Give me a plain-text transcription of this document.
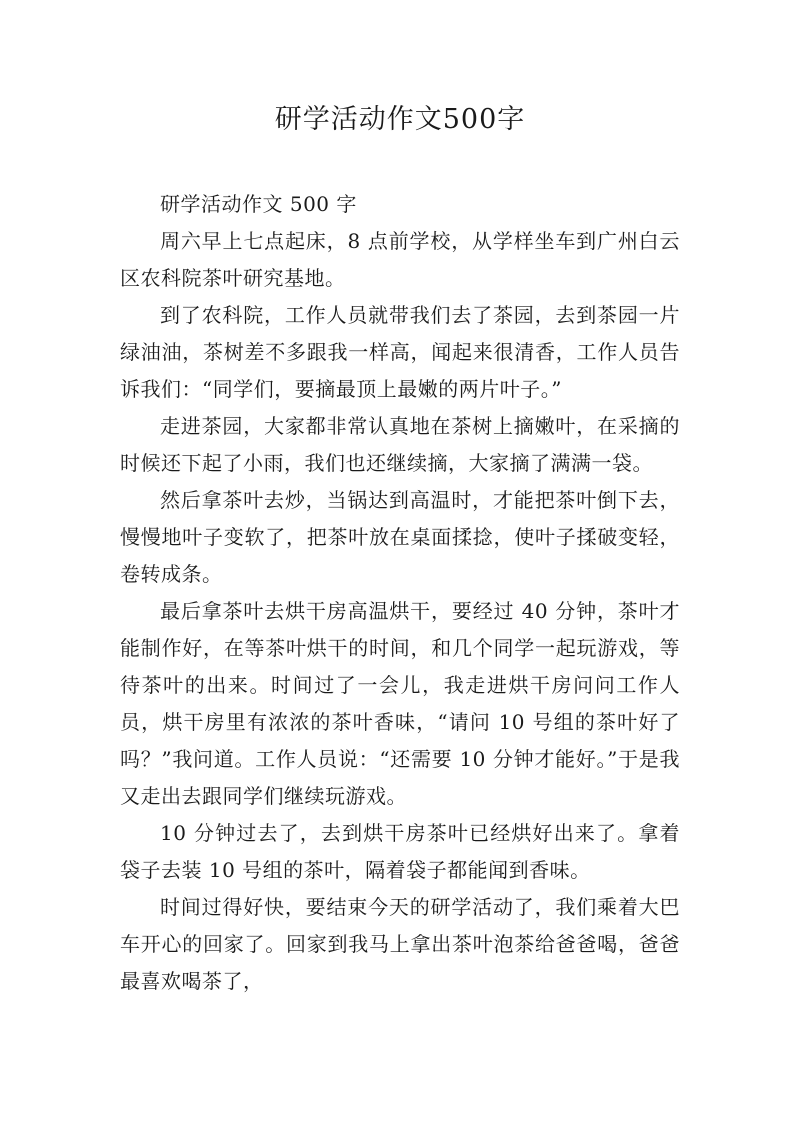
研学活动作文500字

研学活动作文 500 字

周六早上七点起床，8 点前学校，从学样坐车到广州白云区农科院茶叶研究基地。

到了农科院，工作人员就带我们去了茶园，去到茶园一片绿油油，茶树差不多跟我一样高，闻起来很清香，工作人员告诉我们：“同学们，要摘最顶上最嫩的两片叶子。”

走进茶园，大家都非常认真地在茶树上摘嫩叶，在采摘的时候还下起了小雨，我们也还继续摘，大家摘了满满一袋。

然后拿茶叶去炒，当锅达到高温时，才能把茶叶倒下去，慢慢地叶子变软了，把茶叶放在桌面揉捻，使叶子揉破变轻，卷转成条。

最后拿茶叶去烘干房高温烘干，要经过 40 分钟，茶叶才能制作好，在等茶叶烘干的时间，和几个同学一起玩游戏，等待茶叶的出来。时间过了一会儿，我走进烘干房问问工作人员，烘干房里有浓浓的茶叶香味，“请问 10 号组的茶叶好了吗？”我问道。工作人员说：“还需要 10 分钟才能好。”于是我又走出去跟同学们继续玩游戏。

10 分钟过去了，去到烘干房茶叶已经烘好出来了。拿着袋子去装 10 号组的茶叶，隔着袋子都能闻到香味。

时间过得好快，要结束今天的研学活动了，我们乘着大巴车开心的回家了。回家到我马上拿出茶叶泡茶给爸爸喝，爸爸最喜欢喝茶了，
